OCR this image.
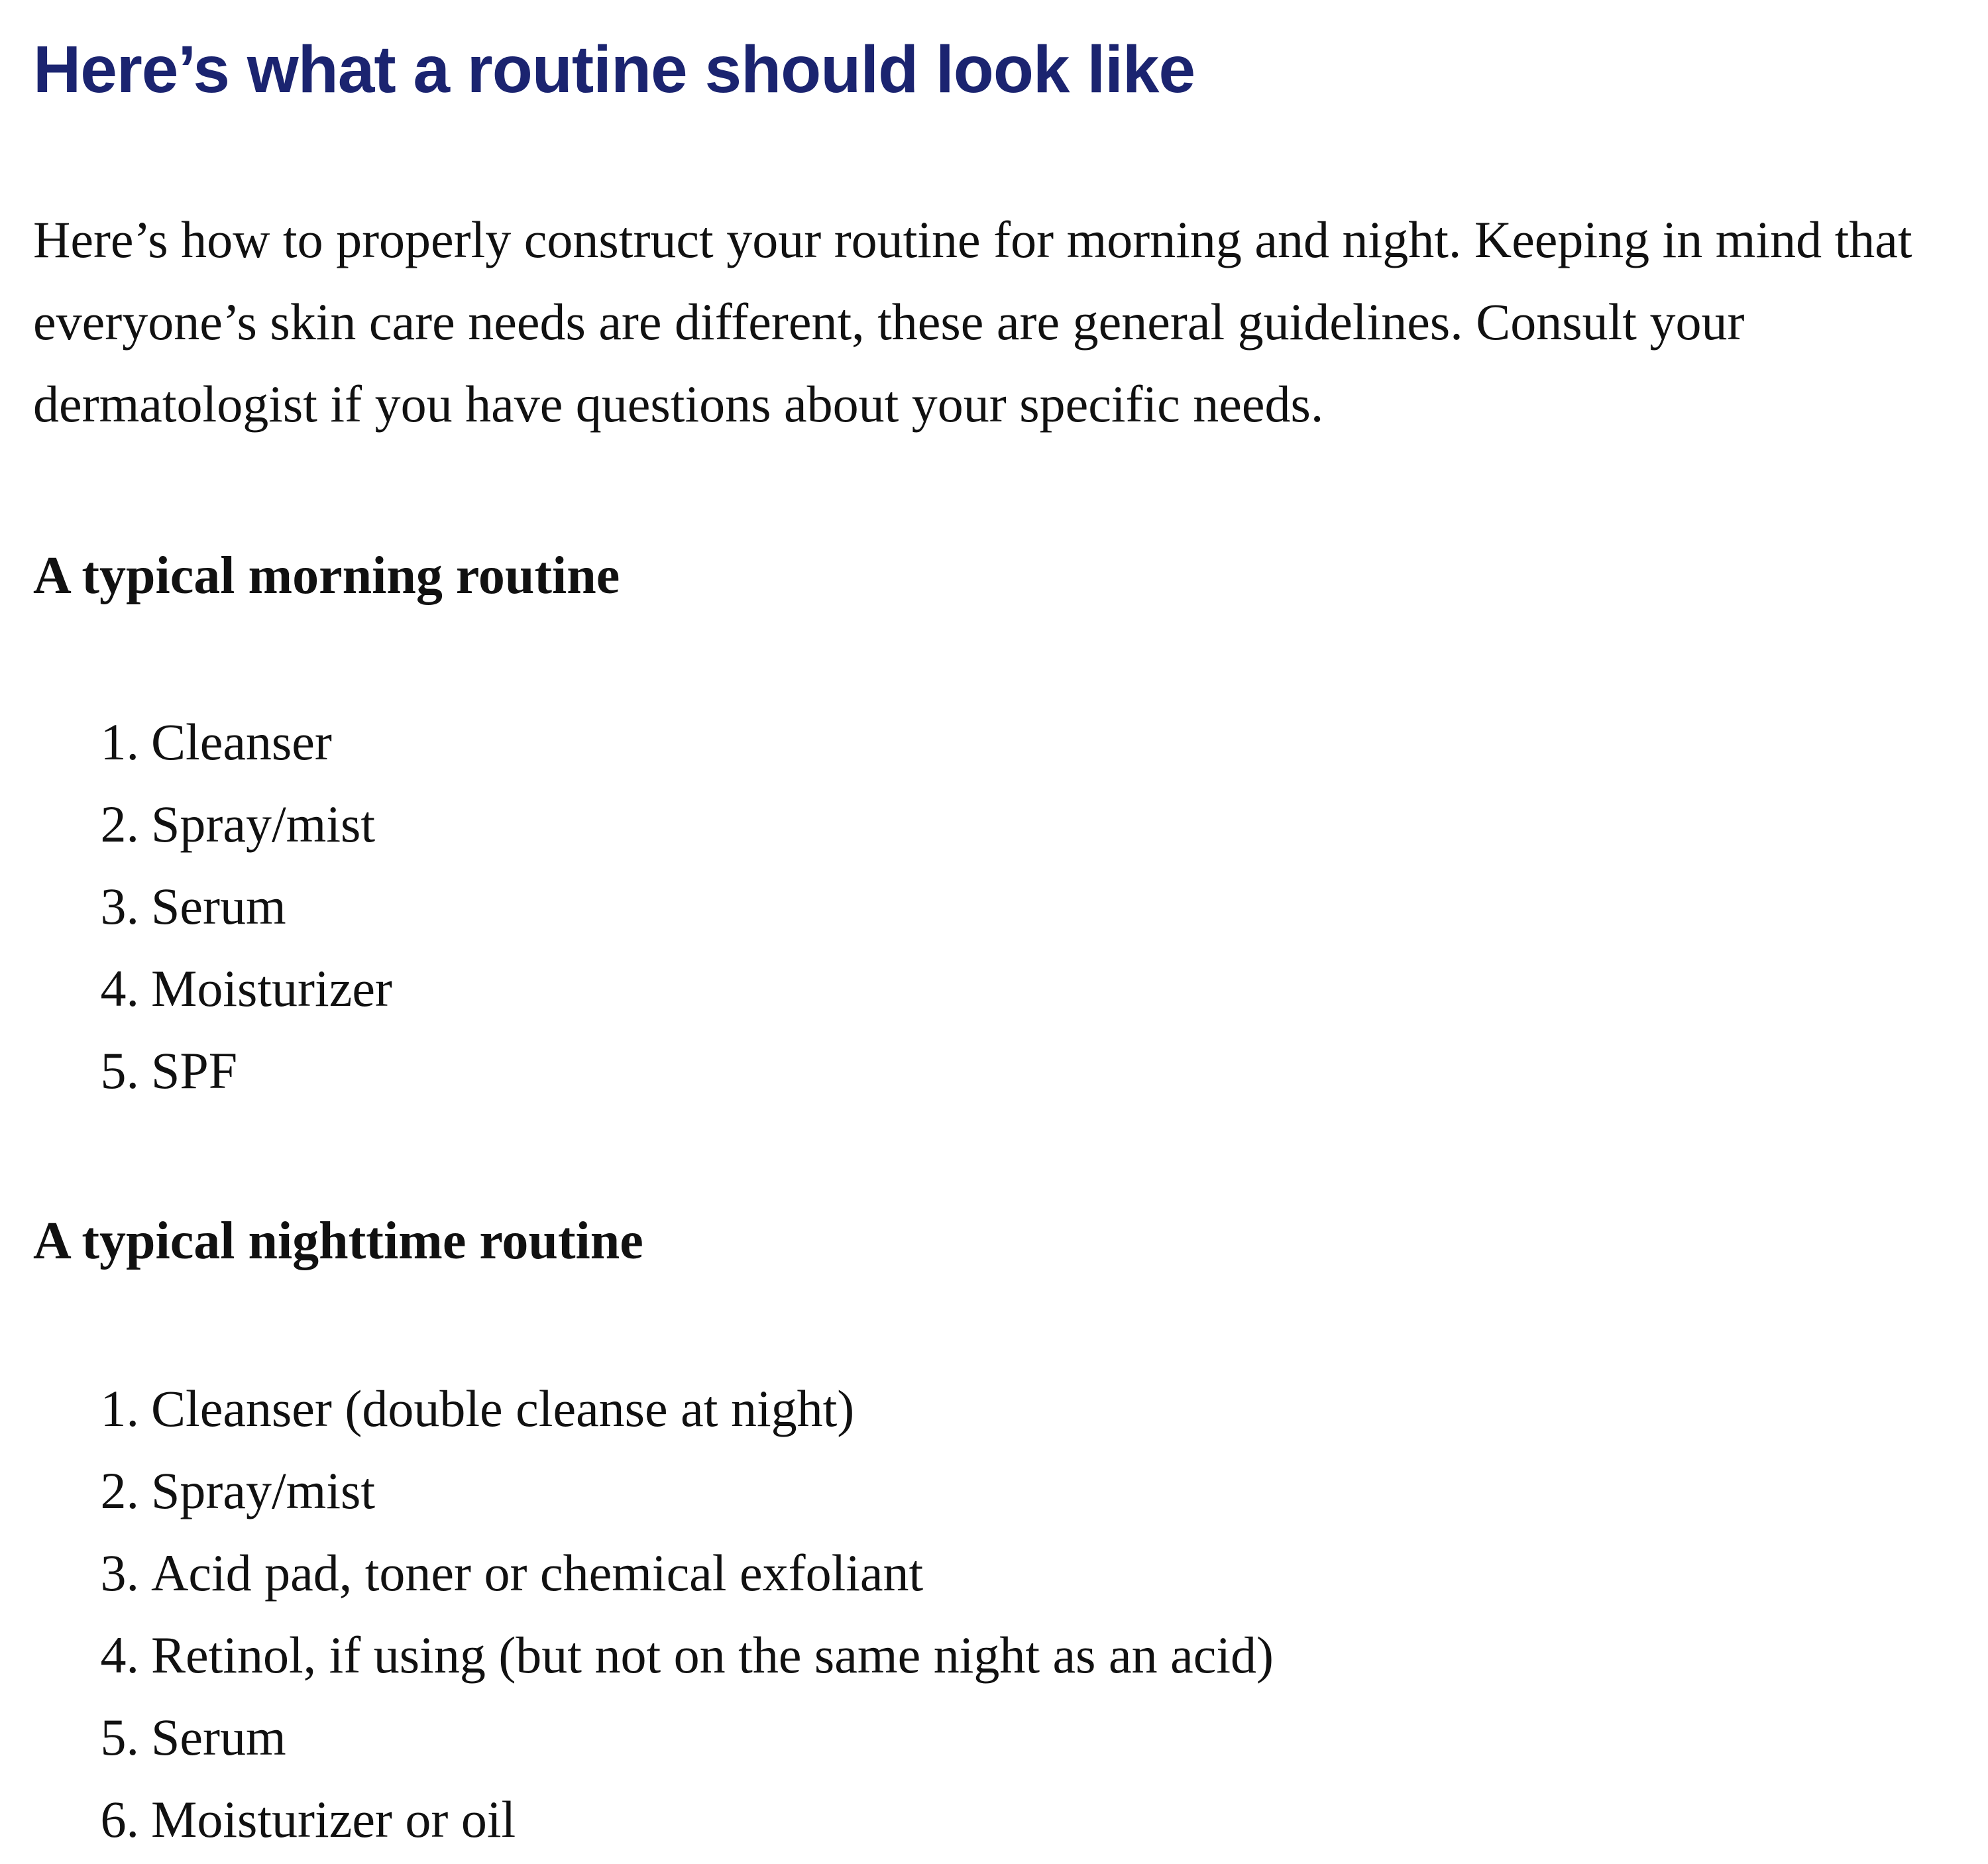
Here’s what a routine should look like

Here’s how to properly construct your routine for morning and night. Keeping in mind that everyone’s skin care needs are different, these are general guidelines. Consult your dermatologist if you have questions about your specific needs.

A typical morning routine
1. Cleanser
2. Spray/mist
3. Serum
4. Moisturizer
5. SPF
A typical nighttime routine
1. Cleanser (double cleanse at night)
2. Spray/mist
3. Acid pad, toner or chemical exfoliant
4. Retinol, if using (but not on the same night as an acid)
5. Serum
6. Moisturizer or oil
